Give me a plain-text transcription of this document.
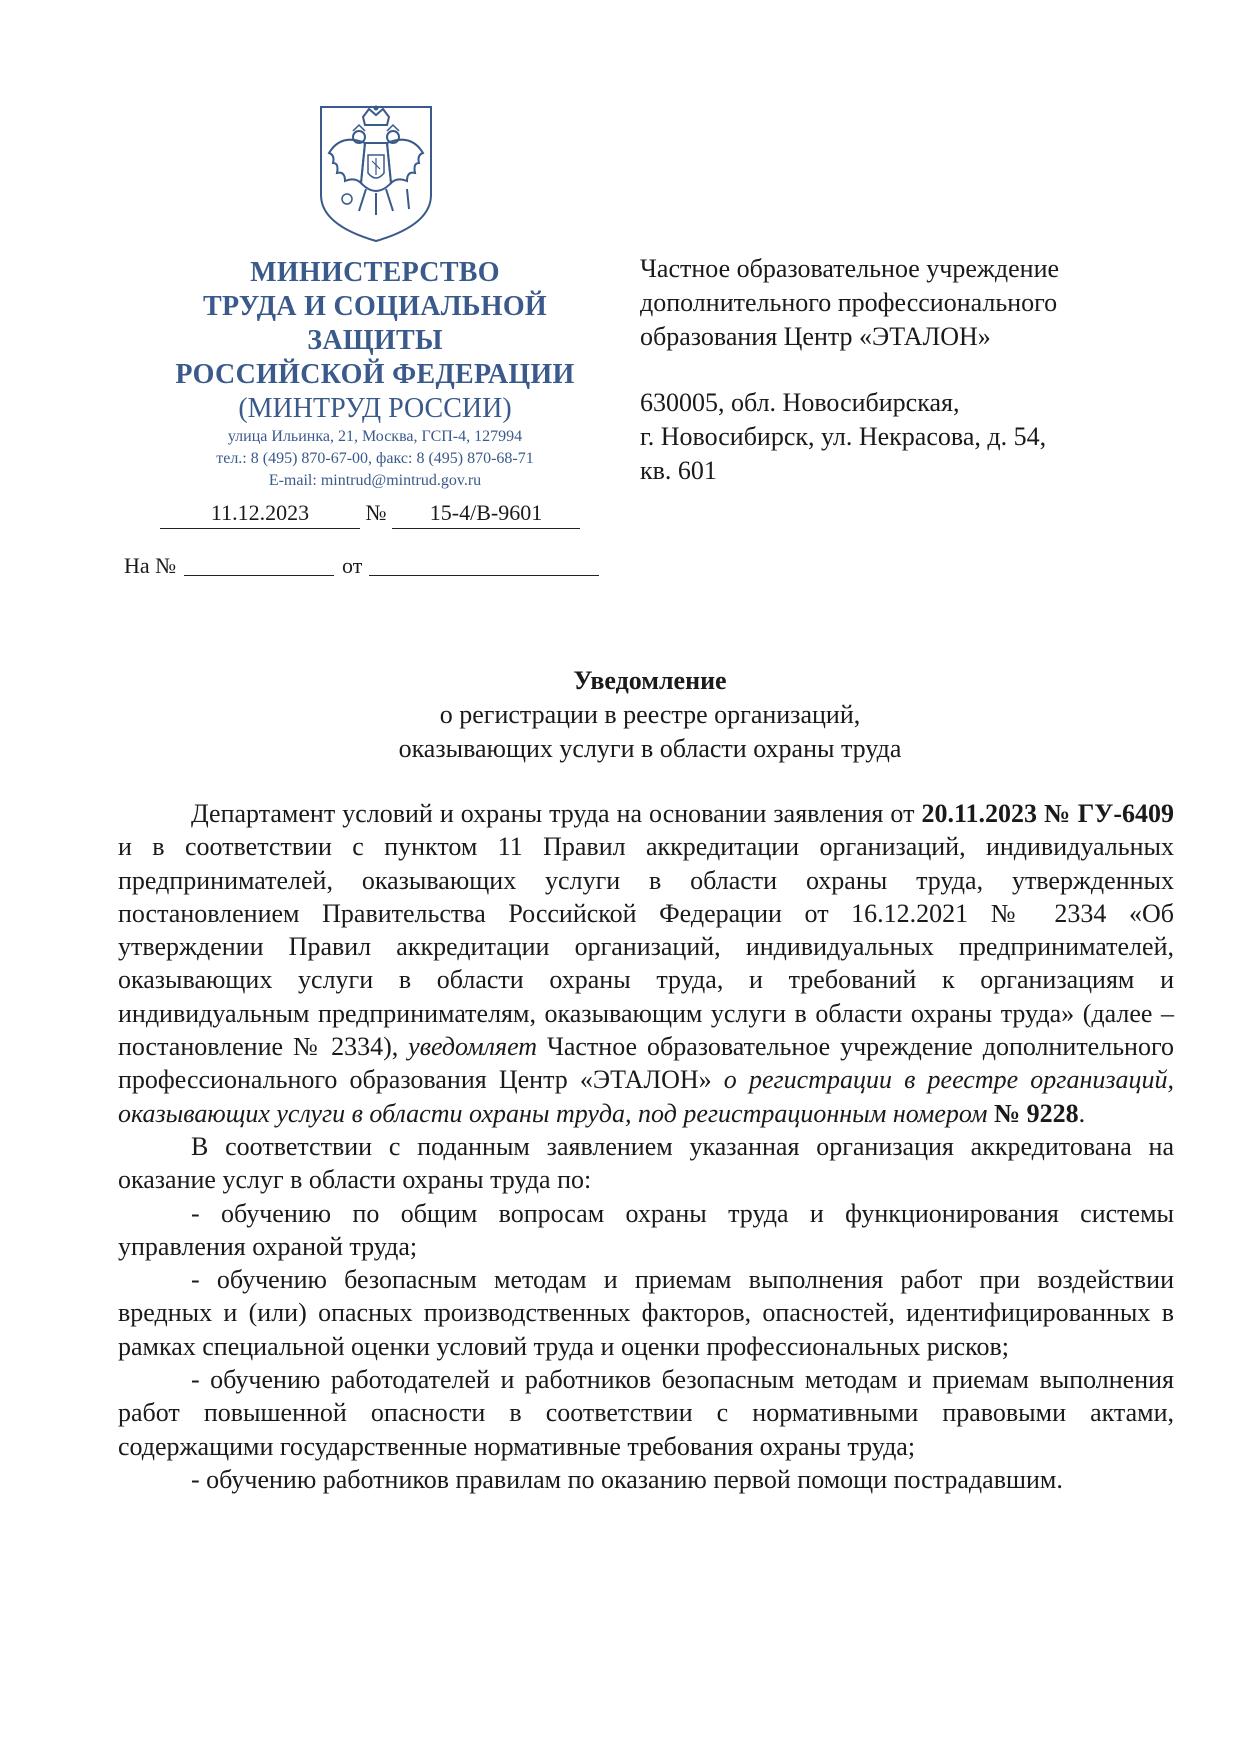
МИНИСТЕРСТВО
ТРУДА И СОЦИАЛЬНОЙ
ЗАЩИТЫ
РОССИЙСКОЙ ФЕДЕРАЦИИ
(МИНТРУД РОССИИ)
улица Ильинка, 21, Москва, ГСП-4, 127994
тел.: 8 (495) 870-67-00, факс: 8 (495) 870-68-71
E-mail: mintrud@mintrud.gov.ru
11.12.2023	№	15-4/В-9601
На №	от

Частное образовательное учреждение

дополнительного профессионального

образования Центр «ЭТАЛОН»

630005, обл. Новосибирская,

г. Новосибирск, ул. Некрасова, д. 54,

кв. 601

Уведомление
о регистрации в реестре организаций,
оказывающих услуги в области охраны труда

Департамент условий и охраны труда на основании заявления от 20.11.2023 № ГУ-6409 и в соответствии с пунктом 11 Правил аккредитации организаций, индивидуальных предпринимателей, оказывающих услуги в области охраны труда, утвержденных постановлением Правительства Российской Федерации от 16.12.2021 № 2334 «Об утверждении Правил аккредитации организаций, индивидуальных предпринимателей, оказывающих услуги в области охраны труда, и требований к организациям и индивидуальным предпринимателям, оказывающим услуги в области охраны труда» (далее – постановление № 2334), уведомляет Частное образовательное учреждение дополнительного профессионального образования Центр «ЭТАЛОН» о регистрации в реестре организаций, оказывающих услуги в области охраны труда, под регистрационным номером № 9228.

В соответствии с поданным заявлением указанная организация аккредитована на оказание услуг в области охраны труда по:

- обучению по общим вопросам охраны труда и функционирования системы управления охраной труда;

- обучению безопасным методам и приемам выполнения работ при воздействии вредных и (или) опасных производственных факторов, опасностей, идентифицированных в рамках специальной оценки условий труда и оценки профессиональных рисков;

- обучению работодателей и работников безопасным методам и приемам выполнения работ повышенной опасности в соответствии с нормативными правовыми актами, содержащими государственные нормативные требования охраны труда;

- обучению работников правилам по оказанию первой помощи пострадавшим.
